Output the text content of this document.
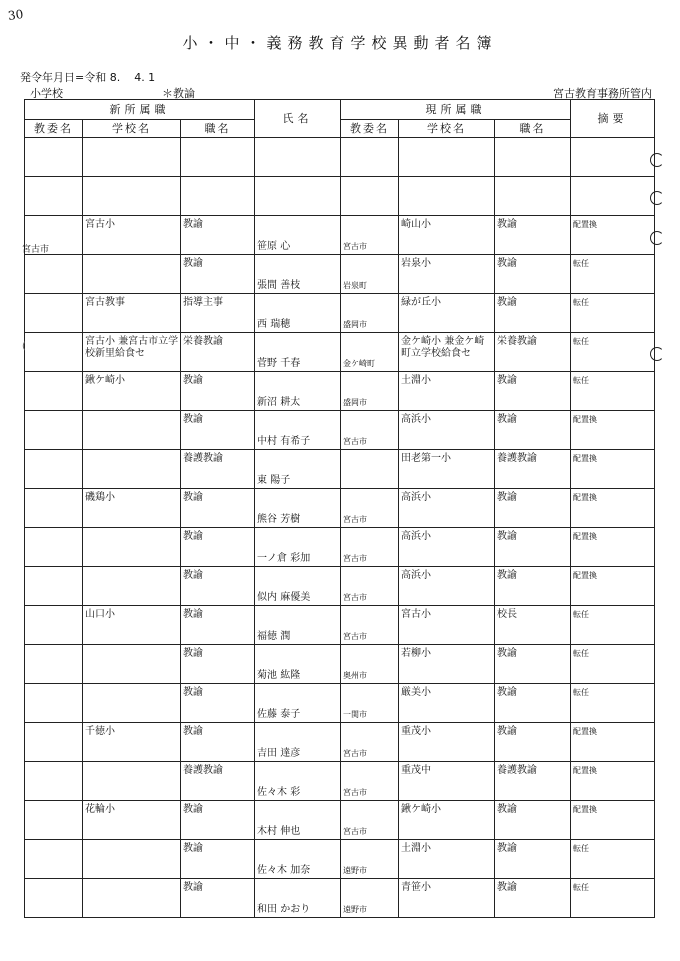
30
小・中・義務教育学校異動者名簿
発令年月日=令和 8.    4. 1
小学校	＊教論	宮古教育事務所管内
新所属職			氏名	現所属職			摘要
教委名	学校名	職名		教委名	学校名	職名	

	宮古小	教諭	笹原 心	宮古市	崎山小	教諭	配置換

		教諭	張間 善枝	岩泉町	岩泉小	教諭	転任

	宮古教事	指導主事	西 瑞穂	盛岡市	緑が丘小	教諭	転任

	宮古小 兼宮古市立学校新里給食セ	栄養教諭	菅野 千春	金ケ崎町	金ケ崎小 兼金ケ崎町立学校給食セ	栄養教諭	転任

	鍬ケ崎小	教諭	新沼 耕太	盛岡市	土淵小	教諭	転任

		教諭	中村 有希子	宮古市	高浜小	教諭	配置換

		養護教諭	東 陽子		田老第一小	養護教諭	配置換

	磯鶏小	教諭	熊谷 芳樹	宮古市	高浜小	教諭	配置換

		教諭	一ノ倉 彩加	宮古市	高浜小	教諭	配置換

		教諭	似内 麻優美	宮古市	高浜小	教諭	配置換

	山口小	教諭	福徳 潤	宮古市	宮古小	校長	転任

		教諭	菊池 紘隆	奥州市	若柳小	教諭	転任

		教諭	佐藤 泰子	一関市	厳美小	教諭	転任

	千徳小	教諭	吉田 達彦	宮古市	重茂小	教諭	配置換

		養護教諭	佐々木 彩	宮古市	重茂中	養護教諭	配置換

	花輪小	教諭	木村 伸也	宮古市	鍬ケ崎小	教諭	配置換

		教諭	佐々木 加奈	遠野市	土淵小	教諭	転任

		教諭	和田 かおり	遠野市	青笹小	教諭	転任
宮古市
(
